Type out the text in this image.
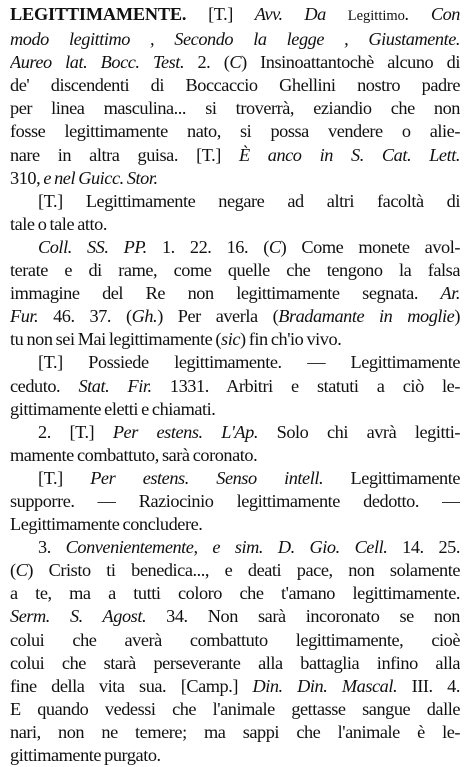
LEGITTIMAMENTE. [T.] Avv. Da Legittimo. Con
modo legittimo , Secondo la legge , Giustamente.
Aureo lat. Bocc. Test. 2. (C) Insinoattantochè alcuno di
de' discendenti di Boccaccio Ghellini nostro padre
per linea masculina... si troverrà, eziandio che non
fosse legittimamente nato, si possa vendere o alie-
nare in altra guisa. [T.] È anco in S. Cat. Lett.
310, e nel Guicc. Stor.
[T.] Legittimamente negare ad altri facoltà di
tale o tale atto.
Coll. SS. PP. 1. 22. 16. (C) Come monete avol-
terate e di rame, come quelle che tengono la falsa
immagine del Re non legittimamente segnata. Ar.
Fur. 46. 37. (Gh.) Per averla (Bradamante in moglie)
tu non sei Mai legittimamente (sic) fin ch'io vivo.
[T.] Possiede legittimamente. — Legittimamente
ceduto. Stat. Fir. 1331. Arbitri e statuti a ciò le-
gittimamente eletti e chiamati.
2. [T.] Per estens. L'Ap. Solo chi avrà legitti-
mamente combattuto, sarà coronato.
[T.] Per estens. Senso intell. Legittimamente
supporre. — Raziocinio legittimamente dedotto. —
Legittimamente concludere.
3. Convenientemente, e sim. D. Gio. Cell. 14. 25.
(C) Cristo ti benedica..., e deati pace, non solamente
a te, ma a tutti coloro che t'amano legittimamente.
Serm. S. Agost. 34. Non sarà incoronato se non
colui che averà combattuto legittimamente, cioè
colui che starà perseverante alla battaglia infino alla
fine della vita sua. [Camp.] Din. Din. Mascal. III. 4.
E quando vedessi che l'animale gettasse sangue dalle
nari, non ne temere; ma sappi che l'animale è le-
gittimamente purgato.
